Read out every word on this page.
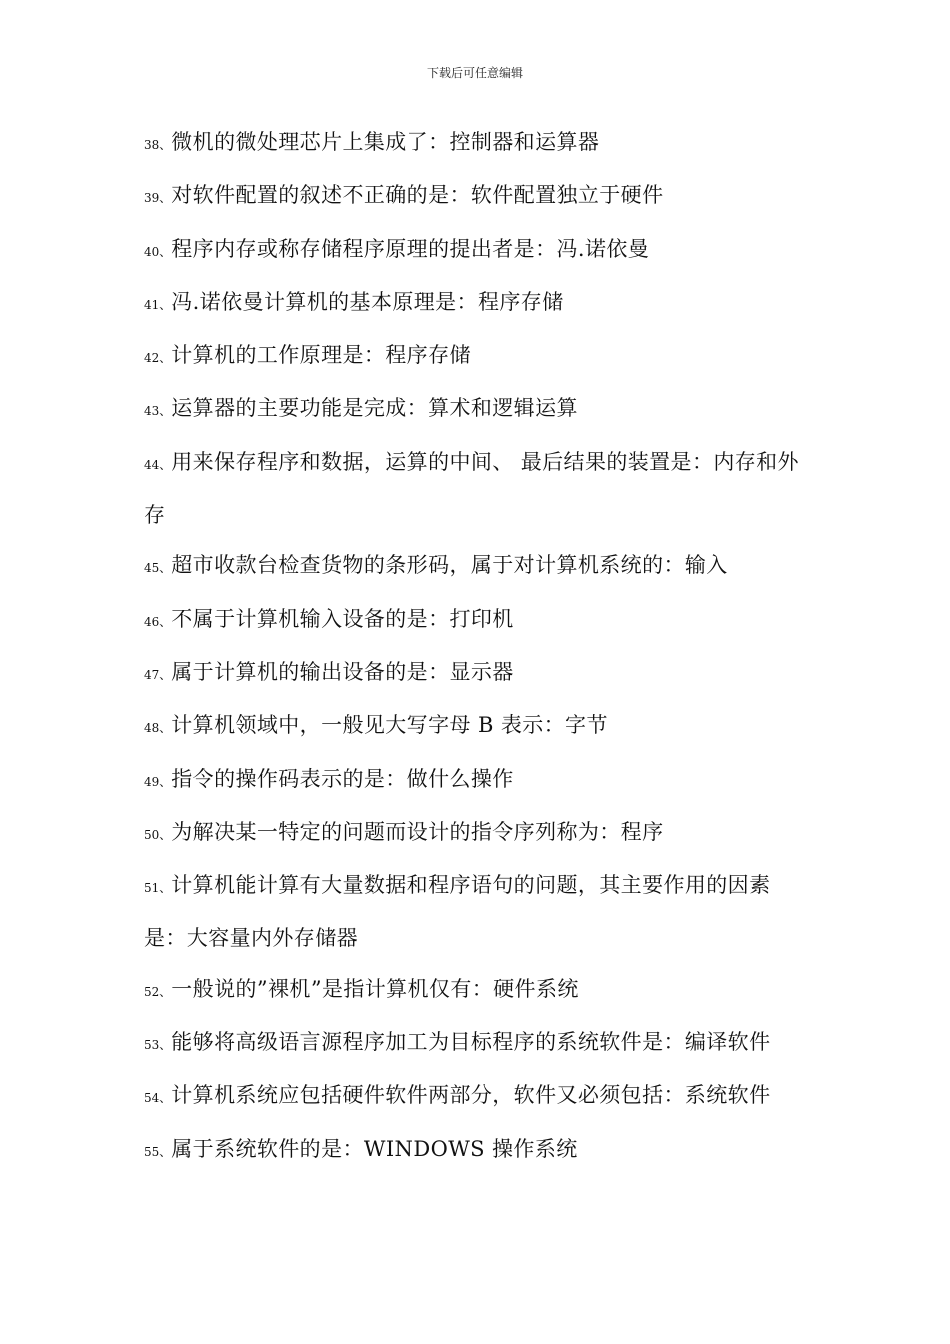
下载后可任意编辑

38、微机的微处理芯片上集成了：控制器和运算器

39、对软件配置的叙述不正确的是：软件配置独立于硬件

40、程序内存或称存储程序原理的提出者是：冯.诺依曼

41、冯.诺依曼计算机的基本原理是：程序存储

42、计算机的工作原理是：程序存储

43、运算器的主要功能是完成：算术和逻辑运算

44、用来保存程序和数据，运算的中间、 最后结果的装置是：内存和外存

45、超市收款台检查货物的条形码，属于对计算机系统的：输入

46、不属于计算机输入设备的是：打印机

47、属于计算机的输出设备的是：显示器

48、计算机领域中，一般见大写字母 B 表示：字节

49、指令的操作码表示的是：做什么操作

50、为解决某一特定的问题而设计的指令序列称为：程序

51、计算机能计算有大量数据和程序语句的问题，其主要作用的因素是：大容量内外存储器

52、一般说的”裸机”是指计算机仅有：硬件系统

53、能够将高级语言源程序加工为目标程序的系统软件是：编译软件

54、计算机系统应包括硬件软件两部分，软件又必须包括：系统软件

55、属于系统软件的是：WINDOWS 操作系统
